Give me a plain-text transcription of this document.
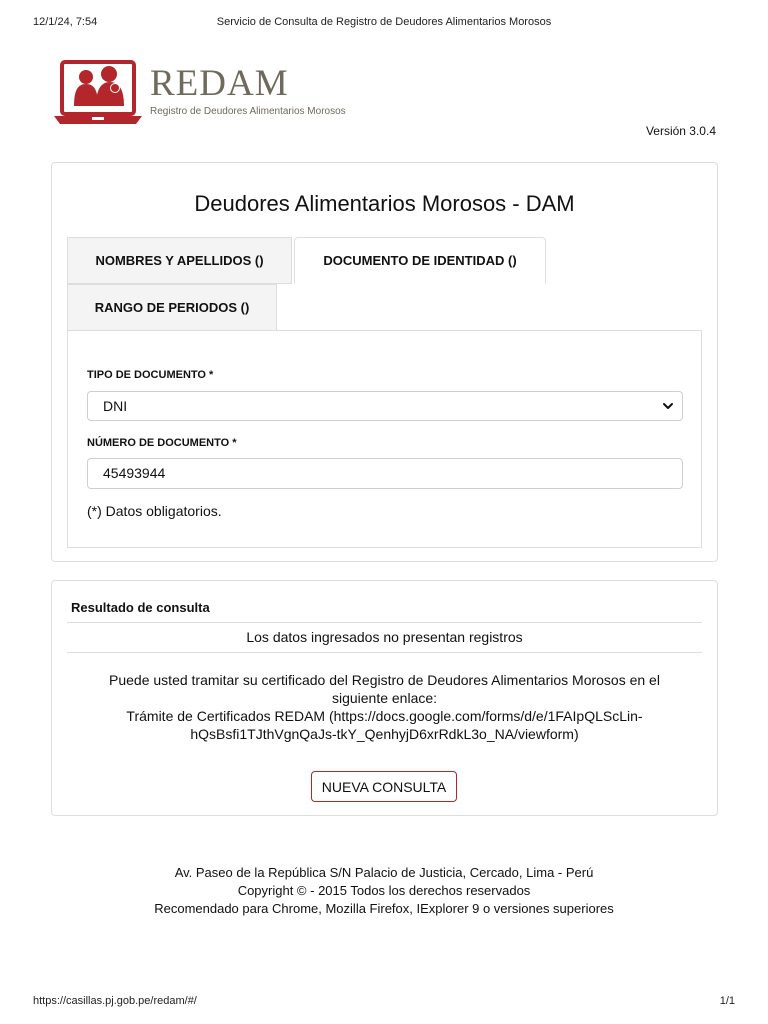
12/1/24, 7:54	Servicio de Consulta de Registro de Deudores Alimentarios Morosos
REDAM
Registro de Deudores Alimentarios Morosos
Versión 3.0.4
Deudores Alimentarios Morosos - DAM
NOMBRES Y APELLIDOS ()	DOCUMENTO DE IDENTIDAD ()
RANGO DE PERIODOS ()
TIPO DE DOCUMENTO *
DNI
NÚMERO DE DOCUMENTO *
45493944
(*) Datos obligatorios.
Resultado de consulta
Los datos ingresados no presentan registros
Puede usted tramitar su certificado del Registro de Deudores Alimentarios Morosos en el siguiente enlace:
Trámite de Certificados REDAM (https://docs.google.com/forms/d/e/1FAIpQLScLin-hQsBsfi1TJthVgnQaJs-tkY_QenhyjD6xrRdkL3o_NA/viewform)
NUEVA CONSULTA
Av. Paseo de la República S/N Palacio de Justicia, Cercado, Lima - Perú
Copyright © - 2015 Todos los derechos reservados
Recomendado para Chrome, Mozilla Firefox, IExplorer 9 o versiones superiores
https://casillas.pj.gob.pe/redam/#/	1/1
